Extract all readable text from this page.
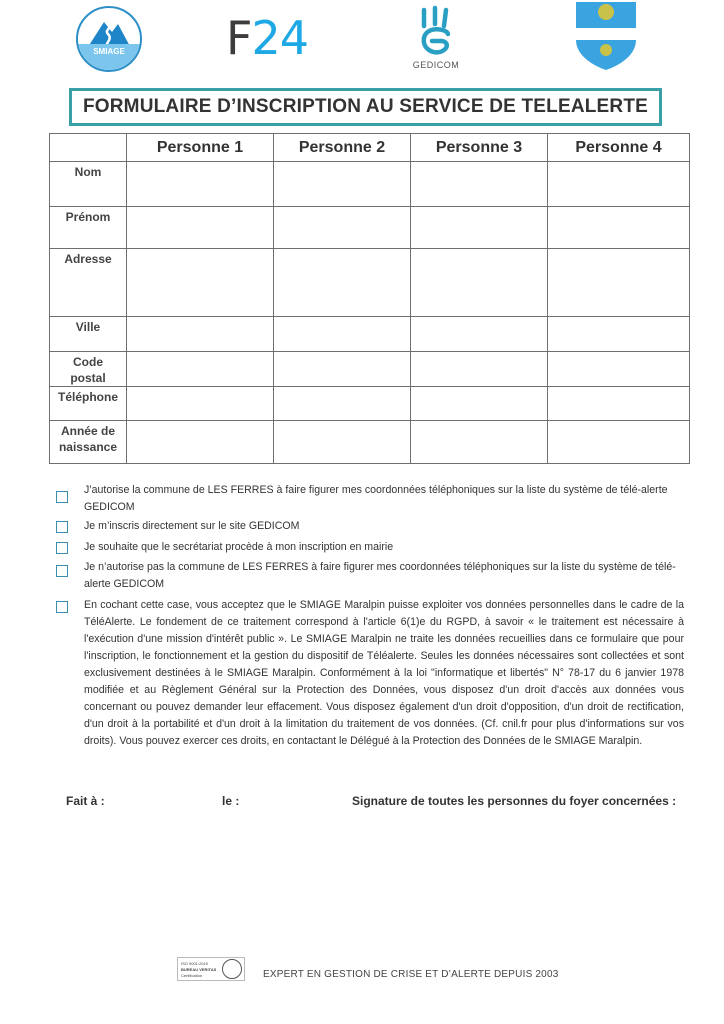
SMIAGE	F24	GEDICOM
FORMULAIRE D’INSCRIPTION AU SERVICE DE TELEALERTE
	Personne 1	Personne 2	Personne 3	Personne 4

Nom				

Prénom				

Adresse				

Ville				

Code
postal				

Téléphone				

Année de
naissance				

J’autorise la commune de LES FERRES à faire figurer mes coordonnées téléphoniques sur la liste du système de télé-alerte GEDICOM
Je m’inscris directement sur le site GEDICOM
Je souhaite que le secrétariat procède à mon inscription en mairie
Je n’autorise pas la commune de LES FERRES à faire figurer mes coordonnées téléphoniques sur la liste du système de télé-alerte GEDICOM
En cochant cette case, vous acceptez que le SMIAGE Maralpin puisse exploiter vos données personnelles dans le cadre de la TéléAlerte. Le fondement de ce traitement correspond à l'article 6(1)e du RGPD, à savoir « le traitement est nécessaire à l'exécution d'une mission d'intérêt public ». Le SMIAGE Maralpin ne traite les données recueillies dans ce formulaire que pour l'inscription, le fonctionnement et la gestion du dispositif de Téléalerte. Seules les données nécessaires sont collectées et sont exclusivement destinées à le SMIAGE Maralpin. Conformément à la loi "informatique et libertés" N° 78-17 du 6 janvier 1978 modifiée et au Règlement Général sur la Protection des Données, vous disposez d'un droit d'accès aux données vous concernant ou pouvez demander leur effacement. Vous disposez également d'un droit d'opposition, d'un droit de rectification, d'un droit à la portabilité et d'un droit à la limitation du traitement de vos données. (Cf. cnil.fr pour plus d'informations sur vos droits). Vous pouvez exercer ces droits, en contactant le Délégué à la Protection des Données de le SMIAGE Maralpin.
Fait à :	le :	Signature de toutes les personnes du foyer concernées :
ISO 9001:2015
BUREAU VERITAS
Certification	EXPERT EN GESTION DE CRISE ET D’ALERTE DEPUIS 2003
